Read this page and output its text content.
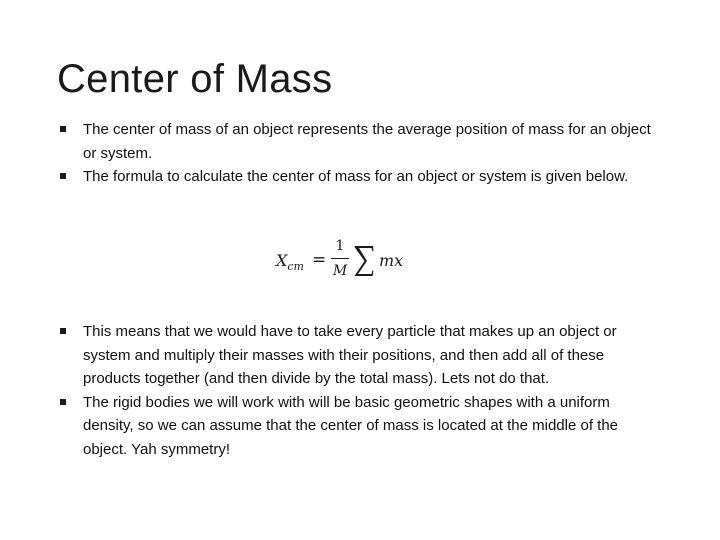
Center of Mass
The center of mass of an object represents the average position of mass for an object or system.
The formula to calculate the center of mass for an object or system is given below.
$X_{cm}$ =
1
M
mx
This means that we would have to take every particle that makes up an object or system and multiply their masses with their positions, and then add all of these products together (and then divide by the total mass). Lets not do that.
The rigid bodies we will work with will be basic geometric shapes with a uniform density, so we can assume that the center of mass is located at the middle of the object. Yah symmetry!
